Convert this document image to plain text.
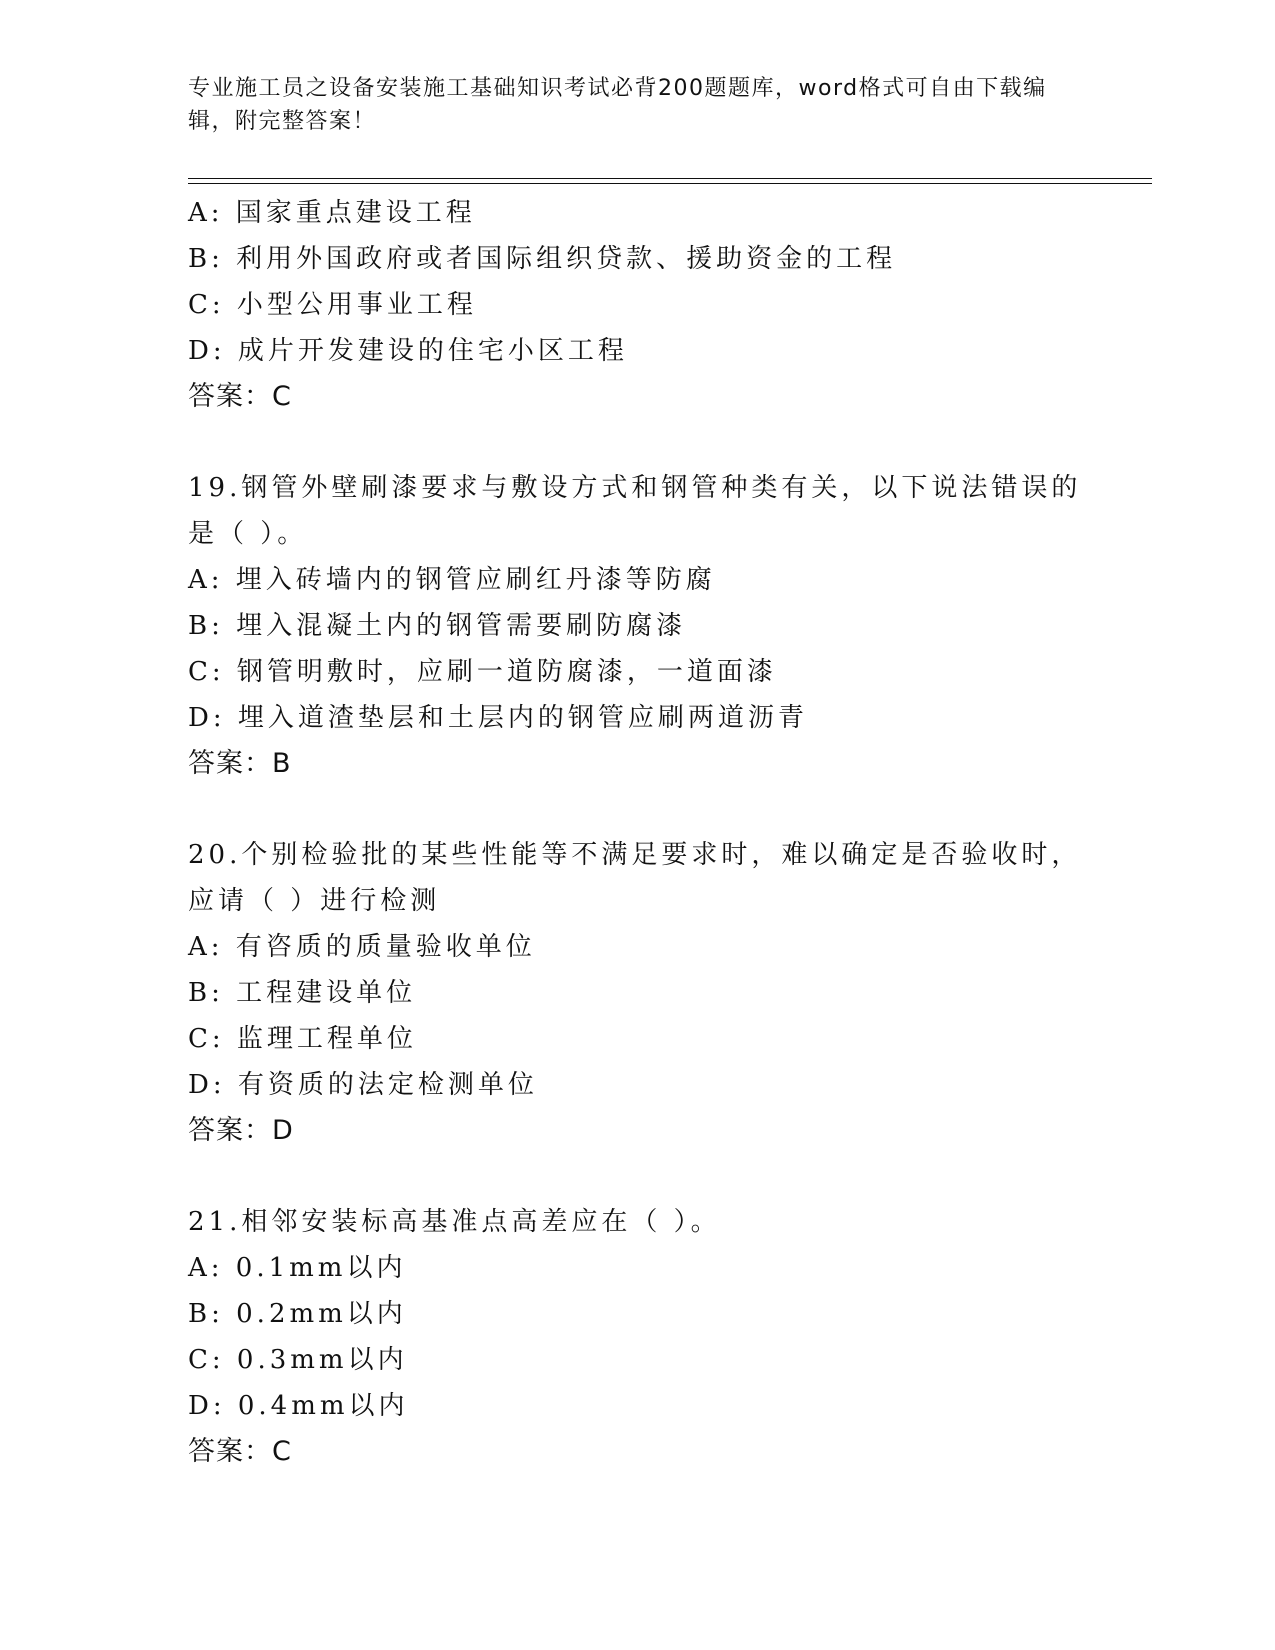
专业施工员之设备安装施工基础知识考试必背200题题库，word格式可自由下载编辑，附完整答案！

A: 国家重点建设工程
B: 利用外国政府或者国际组织贷款、援助资金的工程
C: 小型公用事业工程
D: 成片开发建设的住宅小区工程
答案：C
19.钢管外壁刷漆要求与敷设方式和钢管种类有关，以下说法错误的是（ ）。
A: 埋入砖墙内的钢管应刷红丹漆等防腐
B: 埋入混凝土内的钢管需要刷防腐漆
C: 钢管明敷时，应刷一道防腐漆，一道面漆
D: 埋入道渣垫层和土层内的钢管应刷两道沥青
答案：B
20.个别检验批的某些性能等不满足要求时，难以确定是否验收时，应请（ ）进行检测
A: 有咨质的质量验收单位
B: 工程建设单位
C: 监理工程单位
D: 有资质的法定检测单位
答案：D
21.相邻安装标高基准点高差应在（ ）。
A: 0.1mm以内
B: 0.2mm以内
C: 0.3mm以内
D: 0.4mm以内
答案：C
